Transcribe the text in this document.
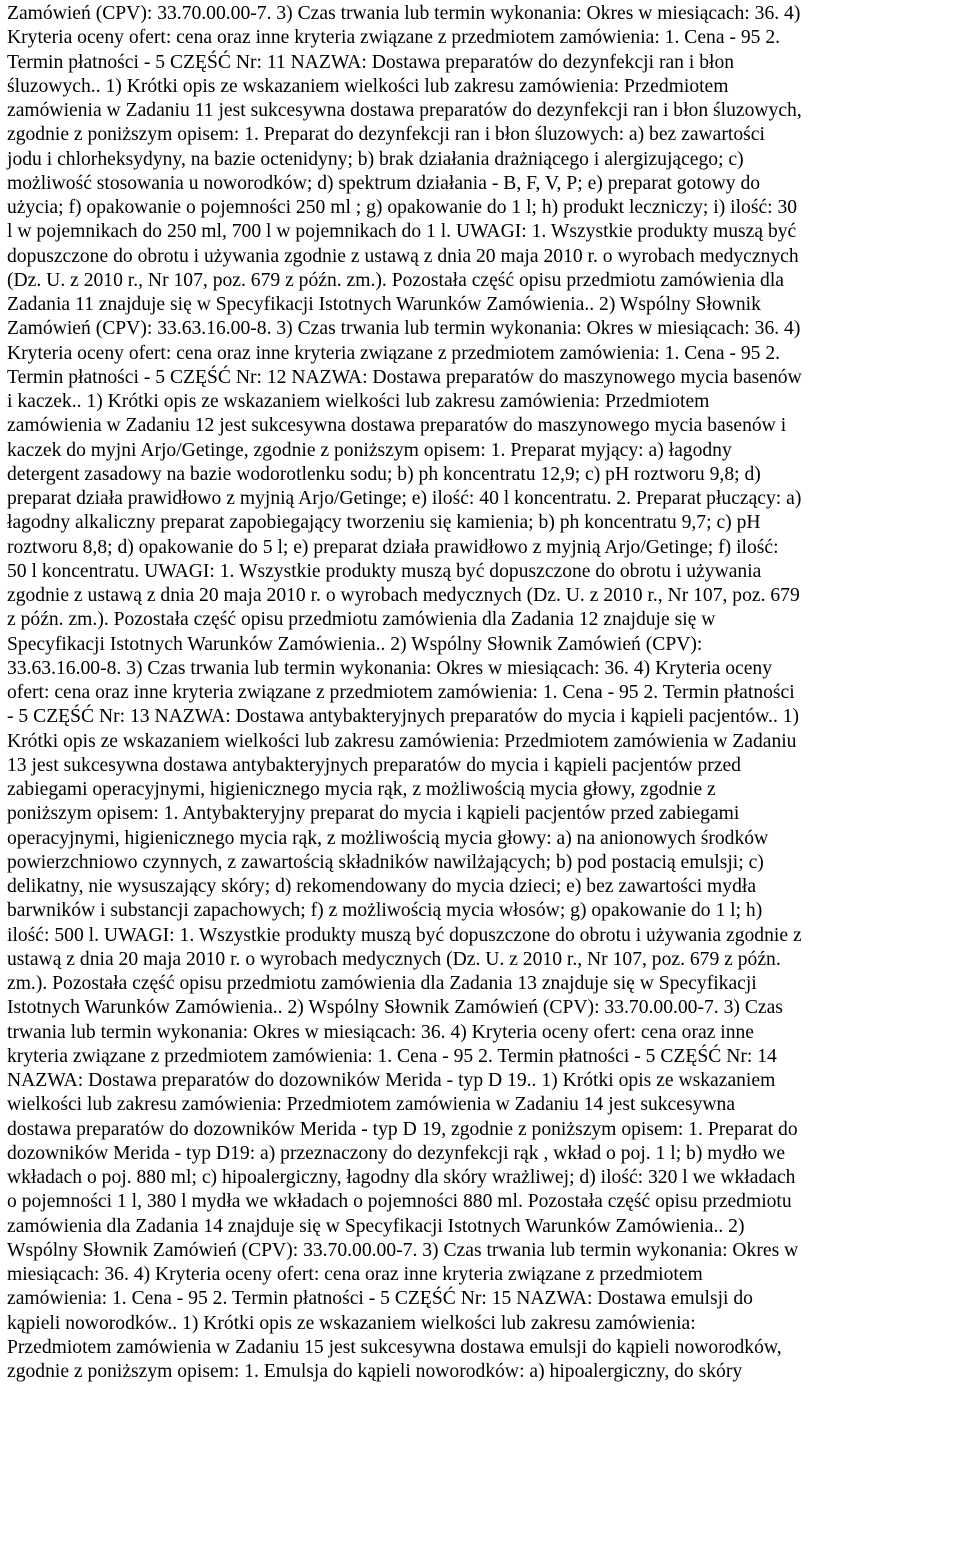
Zamówień (CPV): 33.70.00.00-7. 3) Czas trwania lub termin wykonania: Okres w miesiącach: 36. 4)
Kryteria oceny ofert: cena oraz inne kryteria związane z przedmiotem zamówienia: 1. Cena - 95 2.
Termin płatności - 5 CZĘŚĆ Nr: 11 NAZWA: Dostawa preparatów do dezynfekcji ran i błon
śluzowych.. 1) Krótki opis ze wskazaniem wielkości lub zakresu zamówienia: Przedmiotem
zamówienia w Zadaniu 11 jest sukcesywna dostawa preparatów do dezynfekcji ran i błon śluzowych,
zgodnie z poniższym opisem: 1. Preparat do dezynfekcji ran i błon śluzowych: a) bez zawartości
jodu i chlorheksydyny, na bazie octenidyny; b) brak działania drażniącego i alergizującego; c)
możliwość stosowania u noworodków; d) spektrum działania - B, F, V, P; e) preparat gotowy do
użycia; f) opakowanie o pojemności 250 ml ; g) opakowanie do 1 l; h) produkt leczniczy; i) ilość: 30
l w pojemnikach do 250 ml, 700 l w pojemnikach do 1 l. UWAGI: 1. Wszystkie produkty muszą być
dopuszczone do obrotu i używania zgodnie z ustawą z dnia 20 maja 2010 r. o wyrobach medycznych
(Dz. U. z 2010 r., Nr 107, poz. 679 z późn. zm.). Pozostała część opisu przedmiotu zamówienia dla
Zadania 11 znajduje się w Specyfikacji Istotnych Warunków Zamówienia.. 2) Wspólny Słownik
Zamówień (CPV): 33.63.16.00-8. 3) Czas trwania lub termin wykonania: Okres w miesiącach: 36. 4)
Kryteria oceny ofert: cena oraz inne kryteria związane z przedmiotem zamówienia: 1. Cena - 95 2.
Termin płatności - 5 CZĘŚĆ Nr: 12 NAZWA: Dostawa preparatów do maszynowego mycia basenów
i kaczek.. 1) Krótki opis ze wskazaniem wielkości lub zakresu zamówienia: Przedmiotem
zamówienia w Zadaniu 12 jest sukcesywna dostawa preparatów do maszynowego mycia basenów i
kaczek do myjni Arjo/Getinge, zgodnie z poniższym opisem: 1. Preparat myjący: a) łagodny
detergent zasadowy na bazie wodorotlenku sodu; b) ph koncentratu 12,9; c) pH roztworu 9,8; d)
preparat działa prawidłowo z myjnią Arjo/Getinge; e) ilość: 40 l koncentratu. 2. Preparat płuczący: a)
łagodny alkaliczny preparat zapobiegający tworzeniu się kamienia; b) ph koncentratu 9,7; c) pH
roztworu 8,8; d) opakowanie do 5 l; e) preparat działa prawidłowo z myjnią Arjo/Getinge; f) ilość:
50 l koncentratu. UWAGI: 1. Wszystkie produkty muszą być dopuszczone do obrotu i używania
zgodnie z ustawą z dnia 20 maja 2010 r. o wyrobach medycznych (Dz. U. z 2010 r., Nr 107, poz. 679
z późn. zm.). Pozostała część opisu przedmiotu zamówienia dla Zadania 12 znajduje się w
Specyfikacji Istotnych Warunków Zamówienia.. 2) Wspólny Słownik Zamówień (CPV):
33.63.16.00-8. 3) Czas trwania lub termin wykonania: Okres w miesiącach: 36. 4) Kryteria oceny
ofert: cena oraz inne kryteria związane z przedmiotem zamówienia: 1. Cena - 95 2. Termin płatności
- 5 CZĘŚĆ Nr: 13 NAZWA: Dostawa antybakteryjnych preparatów do mycia i kąpieli pacjentów.. 1)
Krótki opis ze wskazaniem wielkości lub zakresu zamówienia: Przedmiotem zamówienia w Zadaniu
13 jest sukcesywna dostawa antybakteryjnych preparatów do mycia i kąpieli pacjentów przed
zabiegami operacyjnymi, higienicznego mycia rąk, z możliwością mycia głowy, zgodnie z
poniższym opisem: 1. Antybakteryjny preparat do mycia i kąpieli pacjentów przed zabiegami
operacyjnymi, higienicznego mycia rąk, z możliwością mycia głowy: a) na anionowych środków
powierzchniowo czynnych, z zawartością składników nawilżających; b) pod postacią emulsji; c)
delikatny, nie wysuszający skóry; d) rekomendowany do mycia dzieci; e) bez zawartości mydła
barwników i substancji zapachowych; f) z możliwością mycia włosów; g) opakowanie do 1 l; h)
ilość: 500 l. UWAGI: 1. Wszystkie produkty muszą być dopuszczone do obrotu i używania zgodnie z
ustawą z dnia 20 maja 2010 r. o wyrobach medycznych (Dz. U. z 2010 r., Nr 107, poz. 679 z późn.
zm.). Pozostała część opisu przedmiotu zamówienia dla Zadania 13 znajduje się w Specyfikacji
Istotnych Warunków Zamówienia.. 2) Wspólny Słownik Zamówień (CPV): 33.70.00.00-7. 3) Czas
trwania lub termin wykonania: Okres w miesiącach: 36. 4) Kryteria oceny ofert: cena oraz inne
kryteria związane z przedmiotem zamówienia: 1. Cena - 95 2. Termin płatności - 5 CZĘŚĆ Nr: 14
NAZWA: Dostawa preparatów do dozowników Merida - typ D 19.. 1) Krótki opis ze wskazaniem
wielkości lub zakresu zamówienia: Przedmiotem zamówienia w Zadaniu 14 jest sukcesywna
dostawa preparatów do dozowników Merida - typ D 19, zgodnie z poniższym opisem: 1. Preparat do
dozowników Merida - typ D19: a) przeznaczony do dezynfekcji rąk , wkład o poj. 1 l; b) mydło we
wkładach o poj. 880 ml; c) hipoalergiczny, łagodny dla skóry wrażliwej; d) ilość: 320 l we wkładach
o pojemności 1 l, 380 l mydła we wkładach o pojemności 880 ml. Pozostała część opisu przedmiotu
zamówienia dla Zadania 14 znajduje się w Specyfikacji Istotnych Warunków Zamówienia.. 2)
Wspólny Słownik Zamówień (CPV): 33.70.00.00-7. 3) Czas trwania lub termin wykonania: Okres w
miesiącach: 36. 4) Kryteria oceny ofert: cena oraz inne kryteria związane z przedmiotem
zamówienia: 1. Cena - 95 2. Termin płatności - 5 CZĘŚĆ Nr: 15 NAZWA: Dostawa emulsji do
kąpieli noworodków.. 1) Krótki opis ze wskazaniem wielkości lub zakresu zamówienia:
Przedmiotem zamówienia w Zadaniu 15 jest sukcesywna dostawa emulsji do kąpieli noworodków,
zgodnie z poniższym opisem: 1. Emulsja do kąpieli noworodków: a) hipoalergiczny, do skóry
